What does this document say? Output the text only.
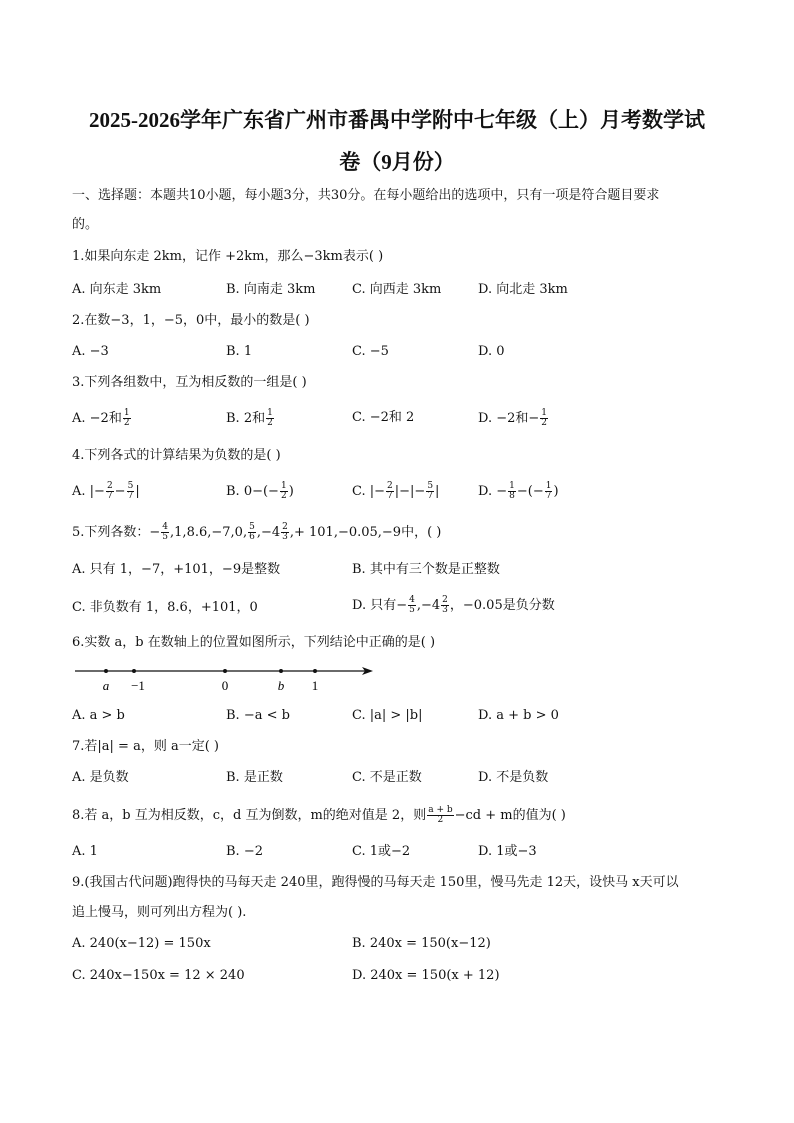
2025-2026学年广东省广州市番禺中学附中七年级（上）月考数学试
卷（9月份）
一、选择题：本题共10小题，每小题3分，共30分。在每小题给出的选项中，只有一项是符合题目要求
的。
1.如果向东走 2km，记作 +2km，那么−3km表示( )
A. 向东走 3km	B. 向南走 3km	C. 向西走 3km	D. 向北走 3km
2.在数−3，1，−5，0中，最小的数是( )
A. −3	B. 1	C. −5	D. 0
3.下列各组数中，互为相反数的一组是( )
A. −2和 $\frac{1}{2}$	B. 2和 $\frac{1}{2}$	C. −2和 2	D. −2和− $\frac{1}{2}$
4.下列各式的计算结果为负数的是( )
A. |− $\frac{2}{7} - \frac{5}{7}$ |	B. $0-(- \frac{1}{2}$ )	C. |− $\frac{2}{7}$ |−|− $\frac{5}{7}$ |	D. − $\frac{1}{8}$ −(− $\frac{1}{7}$ )
5.下列各数：− $\frac{4}{5} ,1,8.6,-7,0$, $\frac{5}{6} ,-4 \frac{2}{3}$ ,+ 101,−0.05,−9中，( )
A. 只有 1，−7，+101，−9是整数	B. 其中有三个数是正整数
C. 非负数有 1，8.6，+101，0	D. 只有− $\frac{4}{5} ,-4 \frac{2}{3}$ ，−0.05是负分数
6.实数 a，b 在数轴上的位置如图所示，下列结论中正确的是( )
a −1	0	b 1
A. a > b	B. −a < b	C. |a| > |b|	D. a + b > 0
7.若|a| = a，则 a一定( )
A. 是负数	B. 是正数	C. 不是正数	D. 不是负数
8.若 a，b 互为相反数，c，d 互为倒数，m的绝对值是 2，则 $\frac{a + b}{2} -cd + m$的值为( )
A. 1	B. −2	C. 1或−2	D. 1或−3
9.(我国古代问题)跑得快的马每天走 240里，跑得慢的马每天走 150里，慢马先走 12天，设快马 x天可以
追上慢马，则可列出方程为( ).
A. 240(x−12) = 150x	B. 240x = 150(x−12)
C. 240x−150x = 12 × 240	D. 240x = 150(x + 12)
